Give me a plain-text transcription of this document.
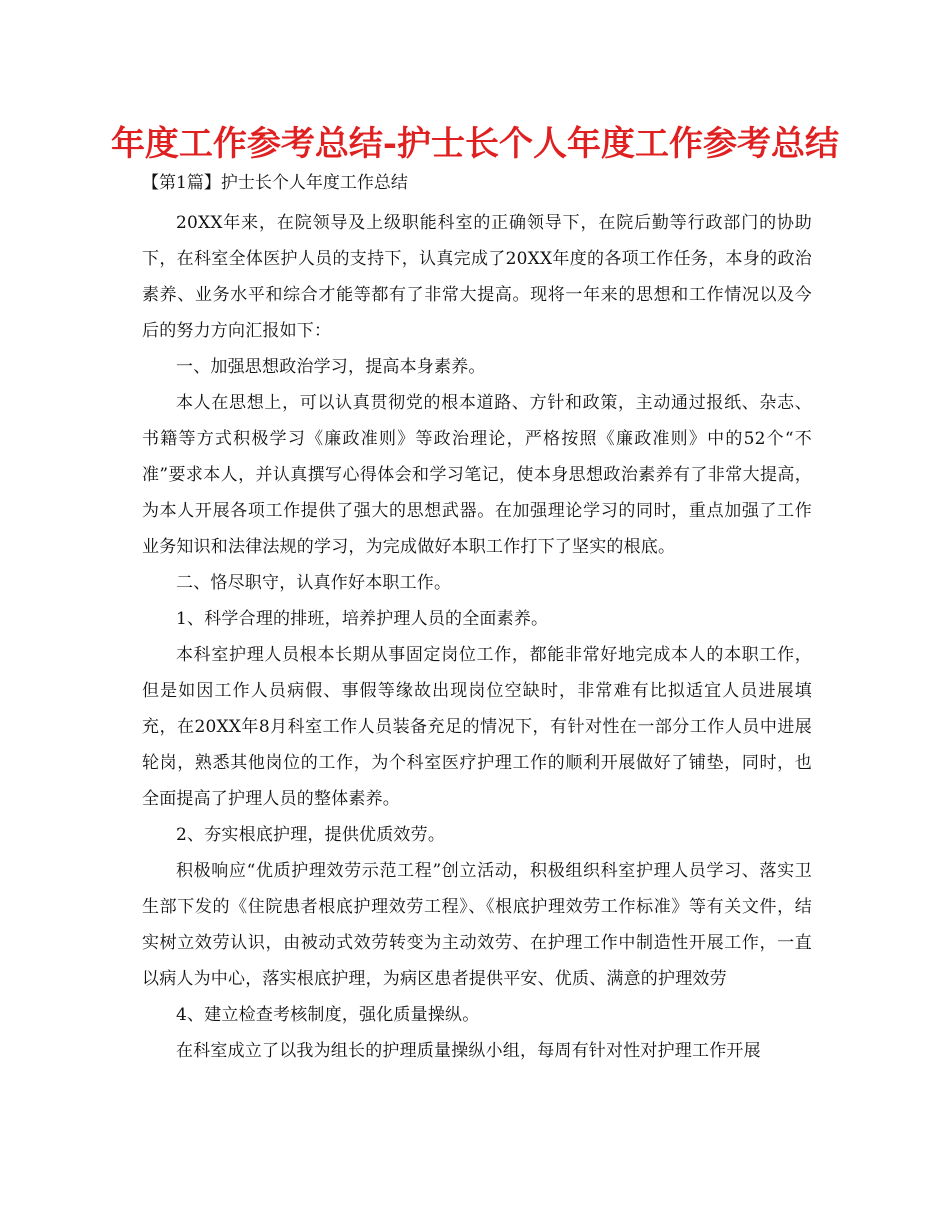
年度工作参考总结-护士长个人年度工作参考总结

【第1篇】护士长个人年度工作总结

20XX年来，在院领导及上级职能科室的正确领导下，在院后勤等行政部门的协助下，在科室全体医护人员的支持下，认真完成了20XX年度的各项工作任务，本身的政治素养、业务水平和综合才能等都有了非常大提高。现将一年来的思想和工作情况以及今后的努力方向汇报如下：

一、加强思想政治学习，提高本身素养。

本人在思想上，可以认真贯彻党的根本道路、方针和政策，主动通过报纸、杂志、书籍等方式积极学习《廉政准则》等政治理论，严格按照《廉政准则》中的52个“不准”要求本人，并认真撰写心得体会和学习笔记，使本身思想政治素养有了非常大提高，为本人开展各项工作提供了强大的思想武器。在加强理论学习的同时，重点加强了工作业务知识和法律法规的学习，为完成做好本职工作打下了坚实的根底。

二、恪尽职守，认真作好本职工作。

1、科学合理的排班，培养护理人员的全面素养。

本科室护理人员根本长期从事固定岗位工作，都能非常好地完成本人的本职工作，但是如因工作人员病假、事假等缘故出现岗位空缺时，非常难有比拟适宜人员进展填充，在20XX年8月科室工作人员装备充足的情况下，有针对性在一部分工作人员中进展轮岗，熟悉其他岗位的工作，为个科室医疗护理工作的顺利开展做好了铺垫，同时，也全面提高了护理人员的整体素养。

2、夯实根底护理，提供优质效劳。

积极响应“优质护理效劳示范工程”创立活动，积极组织科室护理人员学习、落实卫生部下发的《住院患者根底护理效劳工程》、《根底护理效劳工作标准》等有关文件，结实树立效劳认识，由被动式效劳转变为主动效劳、在护理工作中制造性开展工作，一直以病人为中心，落实根底护理，为病区患者提供平安、优质、满意的护理效劳

4、建立检查考核制度，强化质量操纵。

在科室成立了以我为组长的护理质量操纵小组，每周有针对性对护理工作开展
